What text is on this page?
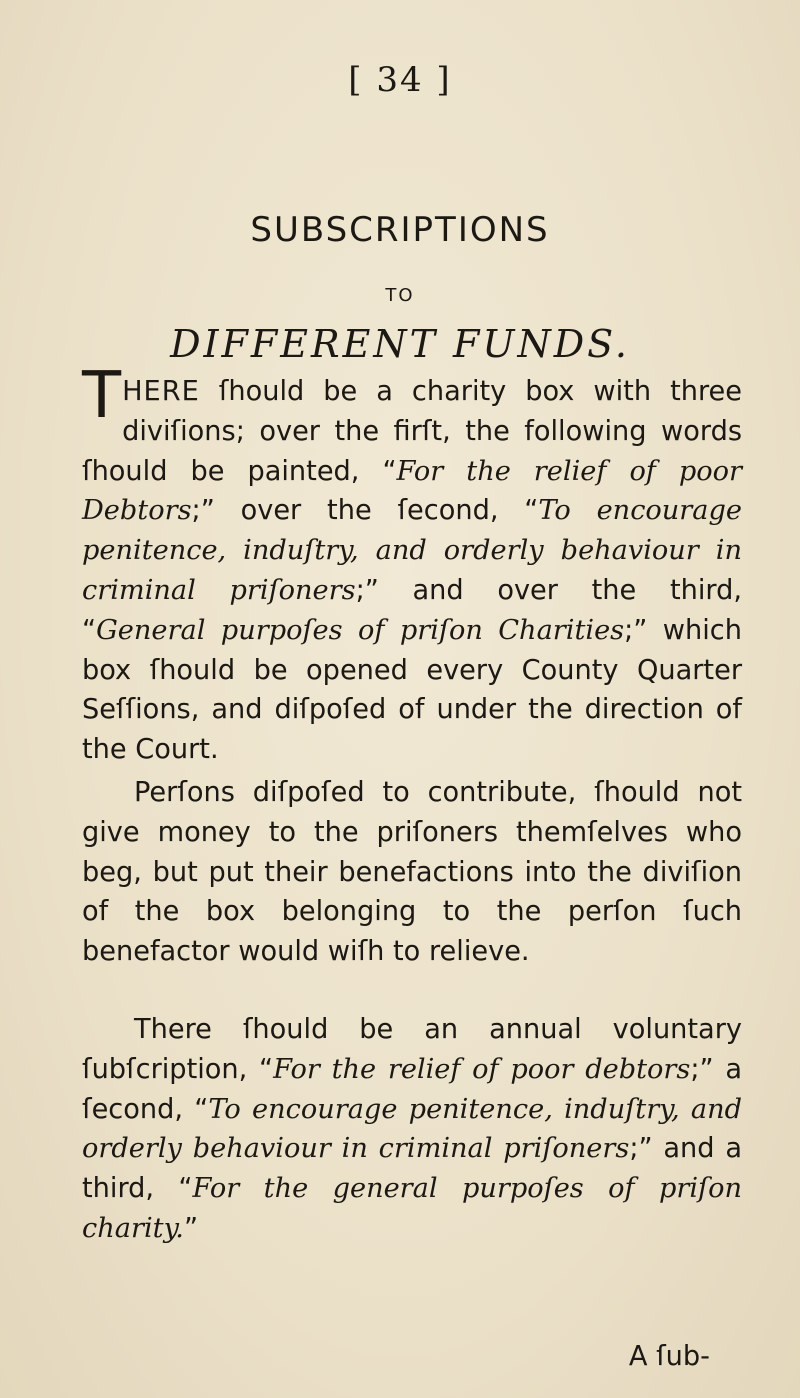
[ 34 ]
SUBSCRIPTIONS
TO
DIFFERENT FUNDS.

THERE ſhould be a charity box with three diviſions; over the firſt, the following words ſhould be painted, “For the relief of poor Debtors;” over the ſecond, “To encourage penitence, induſtry, and orderly behaviour in criminal priſoners;” and over the third, “General purpoſes of priſon Charities;” which box ſhould be opened every County Quarter Seſſions, and diſpoſed of under the direction of the Court.

Perſons diſpoſed to contribute, ſhould not give money to the priſoners themſelves who beg, but put their benefactions into the diviſion of the box belonging to the perſon ſuch benefactor would wiſh to relieve.

There ſhould be an annual voluntary ſubſcription, “For the relief of poor debtors;” a ſecond, “To encourage penitence, induſtry, and orderly behaviour in criminal priſoners;” and a third, “For the general purpoſes of priſon charity.”

A ſub-
